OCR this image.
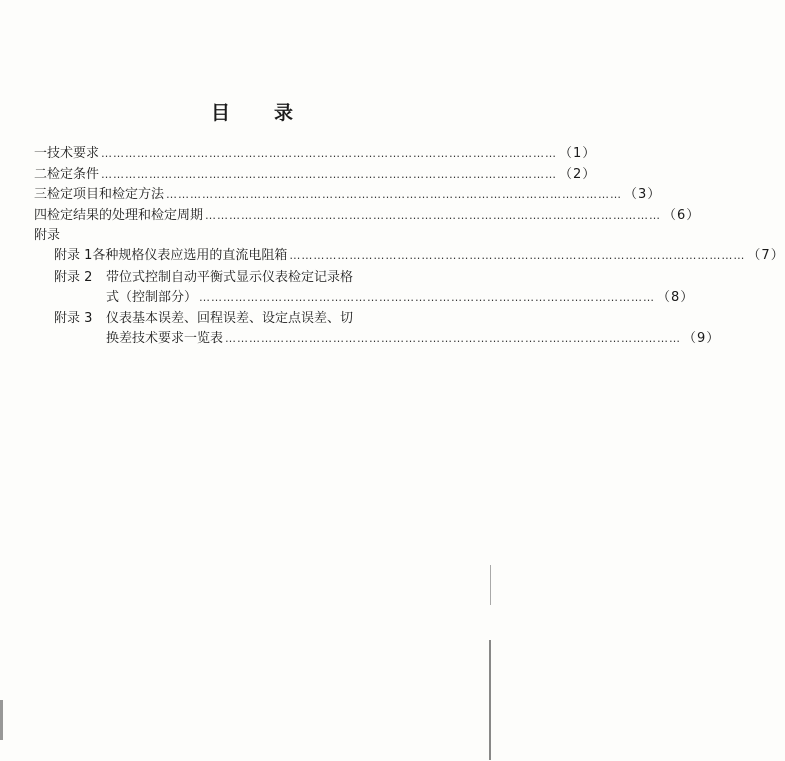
目 录
一 技术要求 …………………………………………………………………………………………………… （1）
二 检定条件 …………………………………………………………………………………………………… （2）
三 检定项目和检定方法 …………………………………………………………………………………………………… （3）
四 检定结果的处理和检定周期 …………………………………………………………………………………………………… （6）
附录
附录 1 各种规格仪表应选用的直流电阻箱 …………………………………………………………………………………………………… （7）
附录 2 带位式控制自动平衡式显示仪表检定记录格
式（控制部分） …………………………………………………………………………………………………… （8）
附录 3 仪表基本误差、回程误差、设定点误差、切
换差技术要求一览表 …………………………………………………………………………………………………… （9）
